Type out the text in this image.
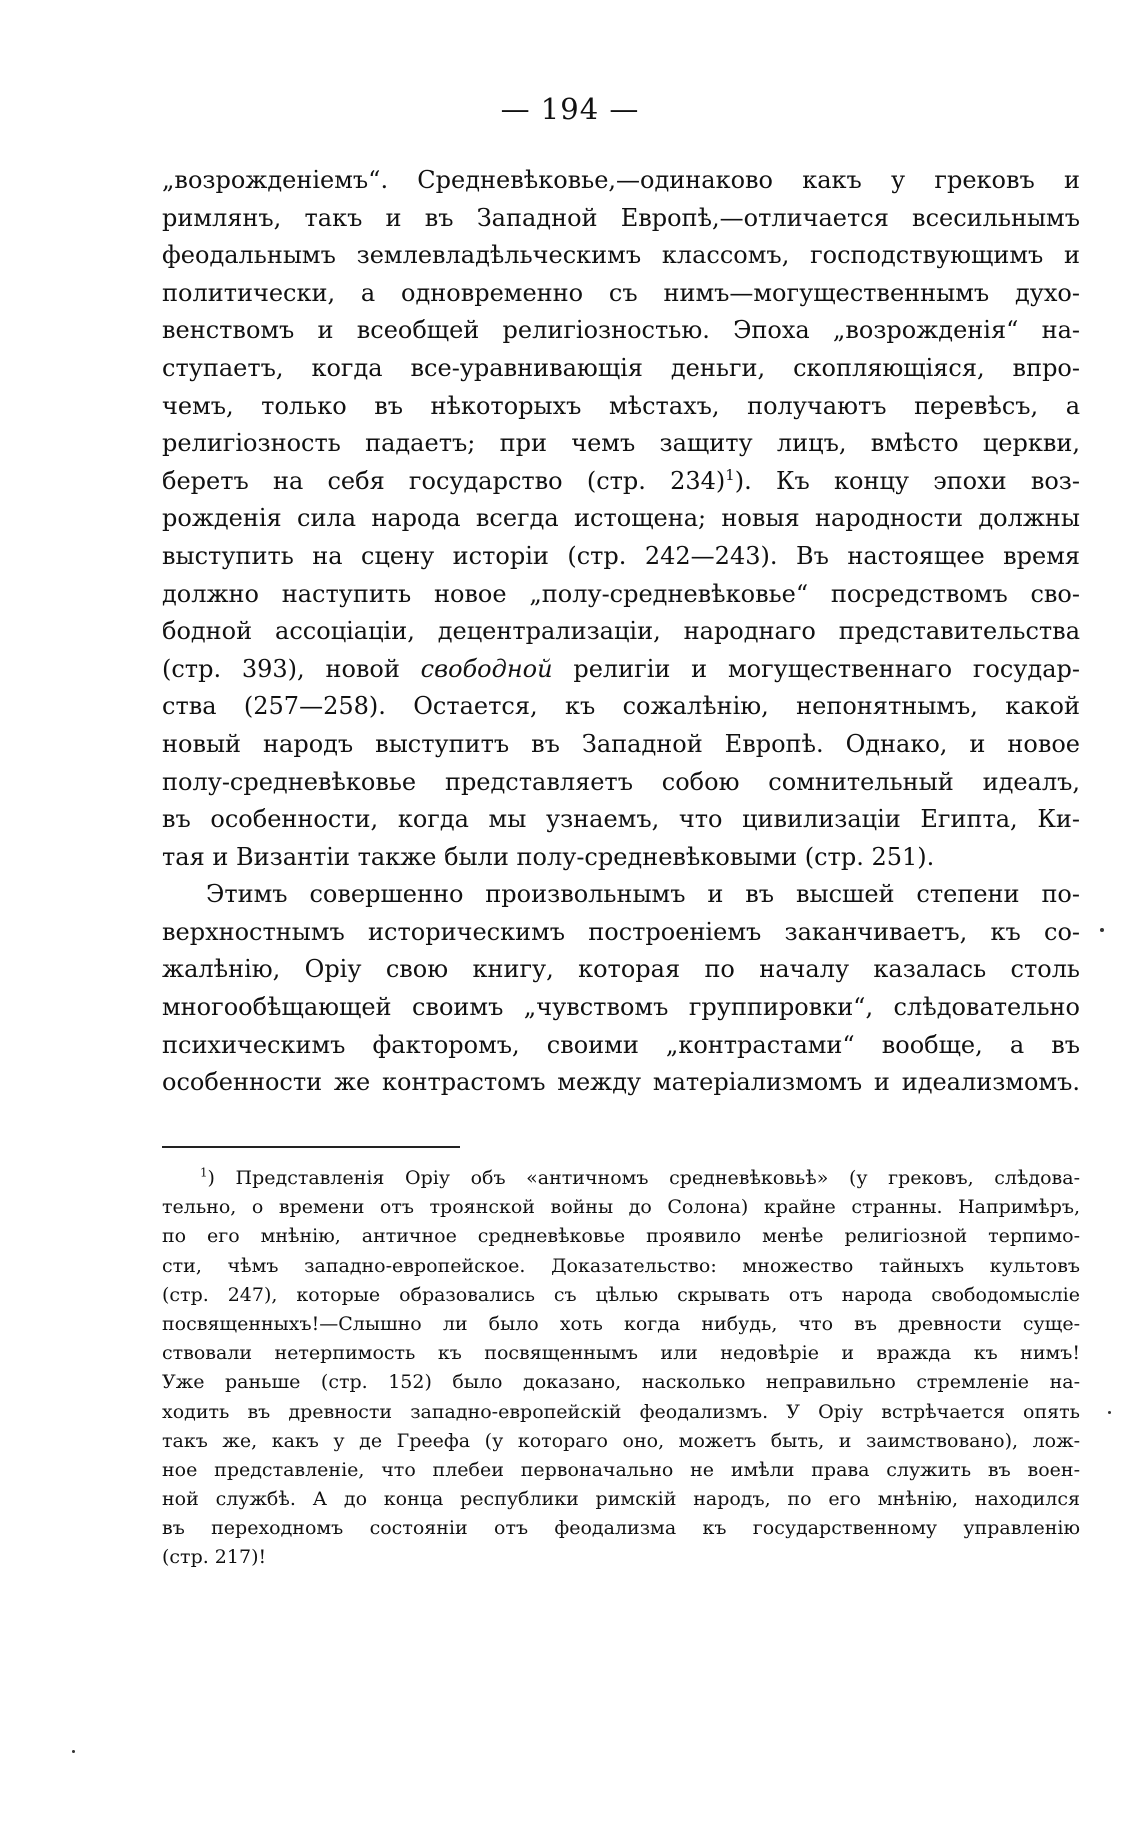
— 194 —
„возрожденіемъ“. Средневѣковье,—одинаково какъ у грековъ и
римлянъ, такъ и въ Западной Европѣ,—отличается всесильнымъ
феодальнымъ землевладѣльческимъ классомъ, господствующимъ и
политически, а одновременно съ нимъ—могущественнымъ духо-
венствомъ и всеобщей религіозностью. Эпоха „возрожденія“ на-
ступаетъ, когда все-уравнивающія деньги, скопляющіяся, впро-
чемъ, только въ нѣкоторыхъ мѣстахъ, получаютъ перевѣсъ, а
религіозность падаетъ; при чемъ защиту лицъ, вмѣсто церкви,
беретъ на себя государство (стр. 234)$^1$). Къ концу эпохи воз-
рожденія сила народа всегда истощена; новыя народности должны
выступить на сцену исторіи (стр. 242—243). Въ настоящее время
должно наступить новое „полу-средневѣковье“ посредствомъ сво-
бодной ассоціаціи, децентрализаціи, народнаго представительства
(стр. 393), новой свободной религіи и могущественнаго государ-
ства (257—258). Остается, къ сожалѣнію, непонятнымъ, какой
новый народъ выступитъ въ Западной Европѣ. Однако, и новое
полу-средневѣковье представляетъ собою сомнительный идеалъ,
въ особенности, когда мы узнаемъ, что цивилизаціи Египта, Ки-
тая и Византіи также были полу-средневѣковыми (стр. 251).
Этимъ совершенно произвольнымъ и въ высшей степени по-
верхностнымъ историческимъ построеніемъ заканчиваетъ, къ со-
жалѣнію, Оріу свою книгу, которая по началу казалась столь
многообѣщающей своимъ „чувствомъ группировки“, слѣдовательно
психическимъ факторомъ, своими „контрастами“ вообще, а въ
особенности же контрастомъ между матеріализмомъ и идеализмомъ.
$^1$) Представленія Оріу объ «античномъ средневѣковьѣ» (у грековъ, слѣдова-
тельно, о времени отъ троянской войны до Солона) крайне странны. Напримѣръ,
по его мнѣнію, античное средневѣковье проявило менѣе религіозной терпимо-
сти, чѣмъ западно-европейское. Доказательство: множество тайныхъ культовъ
(стр. 247), которые образовались съ цѣлью скрывать отъ народа свободомысліе
посвященныхъ!—Слышно ли было хоть когда нибудь, что въ древности суще-
ствовали нетерпимость къ посвященнымъ или недовѣріе и вражда къ нимъ!
Уже раньше (стр. 152) было доказано, насколько неправильно стремленіе на-
ходить въ древности западно-европейскій феодализмъ. У Оріу встрѣчается опять
такъ же, какъ у де Греефа (у котораго оно, можетъ быть, и заимствовано), лож-
ное представленіе, что плебеи первоначально не имѣли права служить въ воен-
ной службѣ. А до конца республики римскій народъ, по его мнѣнію, находился
въ переходномъ состояніи отъ феодализма къ государственному управленію
(стр. 217)!
